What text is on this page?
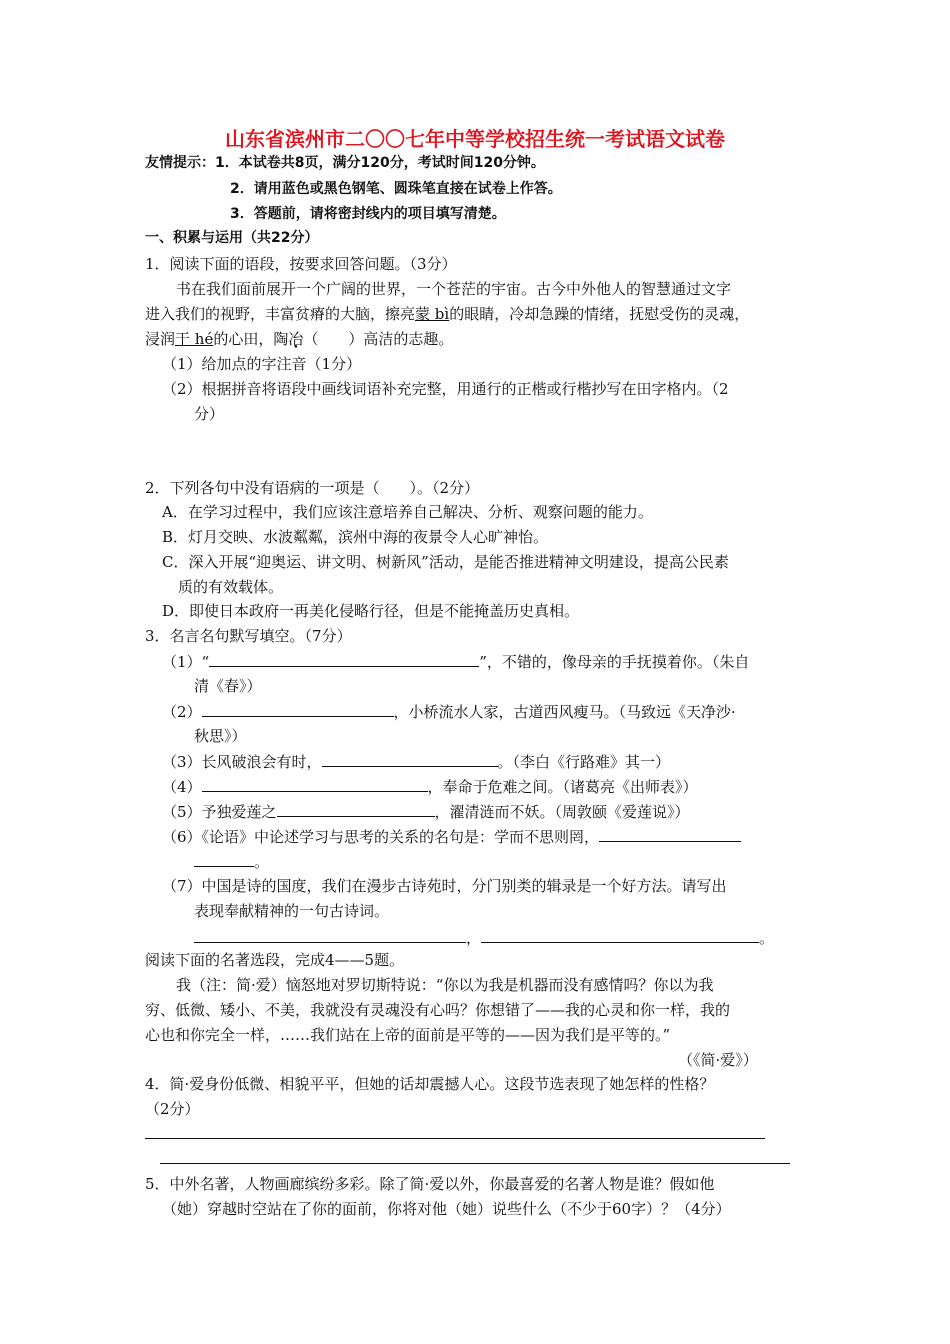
山东省滨州市二〇〇七年中等学校招生统一考试语文试卷
友情提示：1．本试卷共8页，满分120分，考试时间120分钟。
2．请用蓝色或黑色钢笔、圆珠笔直接在试卷上作答。
3．答题前，请将密封线内的项目填写清楚。
一、积累与运用（共22分）
1．阅读下面的语段，按要求回答问题。（3分）
书在我们面前展开一个广阔的世界，一个苍茫的宇宙。古今中外他人的智慧通过文字
进入我们的视野，丰富贫瘠的大脑，擦亮蒙 bì的眼睛，冷却急躁的情绪，抚慰受伤的灵魂，
浸润干 hé的心田，陶冶（　　）高洁的志趣。
（1）给加点的字注音（1分）
（2）根据拼音将语段中画线词语补充完整，用通行的正楷或行楷抄写在田字格内。（2
分）
2．下列各句中没有语病的一项是（　　）。（2分）
A．在学习过程中，我们应该注意培养自己解决、分析、观察问题的能力。
B．灯月交映、水波粼粼，滨州中海的夜景令人心旷神怡。
C．深入开展“迎奥运、讲文明、树新风”活动，是能否推进精神文明建设，提高公民素
质的有效载体。
D．即使日本政府一再美化侵略行径，但是不能掩盖历史真相。
3．名言名句默写填空。（7分）
（1）“	”，不错的，像母亲的手抚摸着你。（朱自
清《春》）
（2）	，小桥流水人家，古道西风瘦马。（马致远《天净沙·
秋思》）
（3）长风破浪会有时，	。（李白《行路难》其一）
（4）	，奉命于危难之间。（诸葛亮《出师表》）
（5）予独爱莲之	，濯清涟而不妖。（周敦颐《爱莲说》）
（6）《论语》中论述学习与思考的关系的名句是：学而不思则罔，
。
（7）中国是诗的国度，我们在漫步古诗苑时，分门别类的辑录是一个好方法。请写出
表现奉献精神的一句古诗词。
，	。
阅读下面的名著选段，完成4——5题。
我（注：简·爱）恼怒地对罗切斯特说：“你以为我是机器而没有感情吗？你以为我
穷、低微、矮小、不美，我就没有灵魂没有心吗？你想错了——我的心灵和你一样，我的
心也和你完全一样，……我们站在上帝的面前是平等的——因为我们是平等的。”
（《简·爱》）
4．简·爱身份低微、相貌平平，但她的话却震撼人心。这段节选表现了她怎样的性格？
（2分）
5．中外名著，人物画廊缤纷多彩。除了简·爱以外，你最喜爱的名著人物是谁？假如他
（她）穿越时空站在了你的面前，你将对他（她）说些什么（不少于60字）？（4分）
